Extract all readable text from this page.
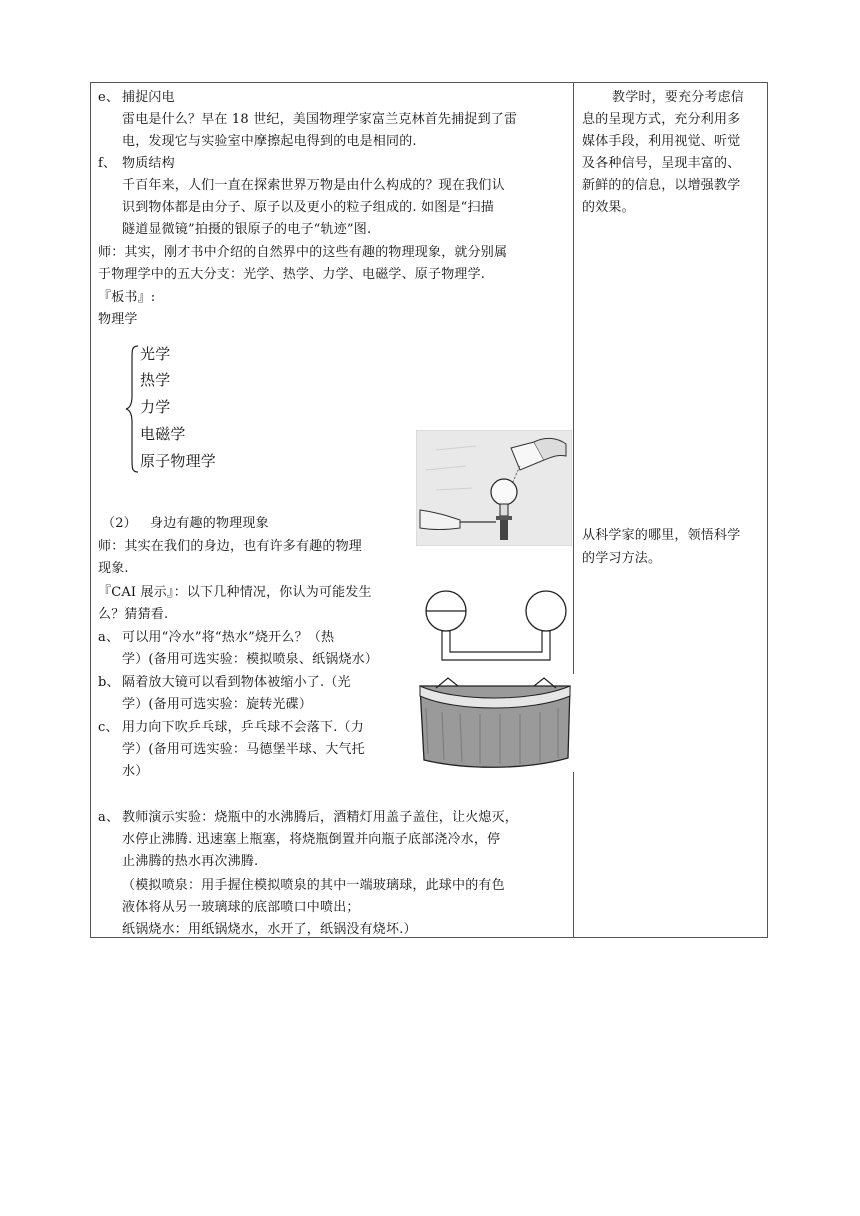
e、 捕捉闪电
雷电是什么？早在 18 世纪，美国物理学家富兰克林首先捕捉到了雷
电，发现它与实验室中摩擦起电得到的电是相同的.
f、 物质结构
千百年来，人们一直在探索世界万物是由什么构成的？现在我们认
识到物体都是由分子、原子以及更小的粒子组成的. 如图是“扫描
隧道显微镜”拍摄的银原子的电子“轨迹”图.
师：其实，刚才书中介绍的自然界中的这些有趣的物理现象，就分别属
于物理学中的五大分支：光学、热学、力学、电磁学、原子物理学.
『板书』:
物理学
光学
热学
力学
电磁学
原子物理学
（2） 身边有趣的物理现象
师：其实在我们的身边，也有许多有趣的物理
现象.
『CAI 展示』：以下几种情况，你认为可能发生
么？猜猜看.
a、 可以用“冷水”将“热水”烧开么？（热
学）(备用可选实验：模拟喷泉、纸锅烧水）
b、 隔着放大镜可以看到物体被缩小了.（光
学）(备用可选实验：旋转光碟）
c、 用力向下吹乒乓球，乒乓球不会落下.（力
学）(备用可选实验：马德堡半球、大气托
水）
a、 教师演示实验：烧瓶中的水沸腾后，酒精灯用盖子盖住，让火熄灭，
水停止沸腾. 迅速塞上瓶塞，将烧瓶倒置并向瓶子底部浇冷水，停
止沸腾的热水再次沸腾.
（模拟喷泉：用手握住模拟喷泉的其中一端玻璃球，此球中的有色
液体将从另一玻璃球的底部喷口中喷出；
纸锅烧水：用纸锅烧水，水开了，纸锅没有烧坏.）
教学时，要充分考虑信
息的呈现方式，充分利用多
媒体手段，利用视觉、听觉
及各种信号，呈现丰富的、
新鲜的的信息，以增强教学
的效果。
从科学家的哪里，领悟科学
的学习方法。
